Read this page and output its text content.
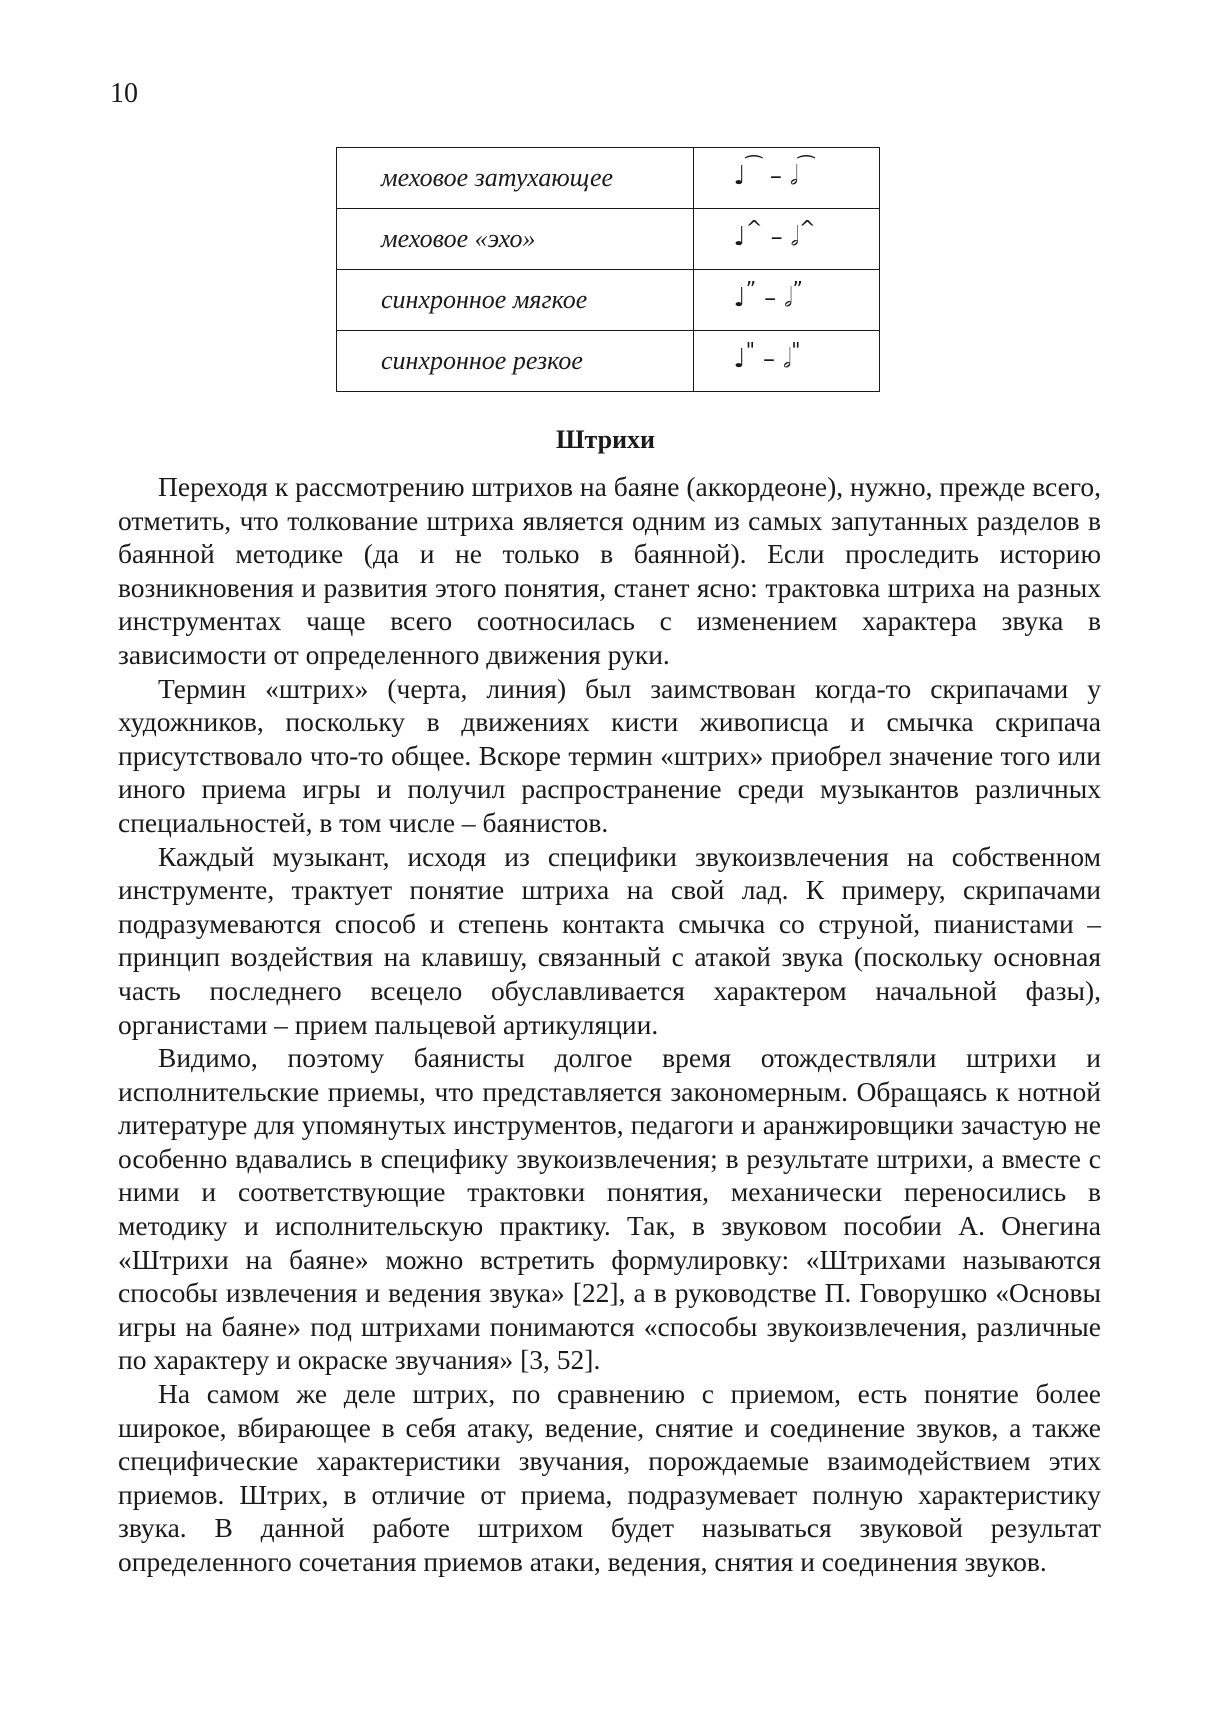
10
меховое затухающее	♩⁀ – 𝅗𝅥⁀
меховое «эхо»	♩^ – 𝅗𝅥^
синхронное мягкое	♩” – 𝅗𝅥”
синхронное резкое	♩" – 𝅗𝅥"
Штрихи

Переходя к рассмотрению штрихов на баяне (аккордеоне), нужно, прежде всего, отметить, что толкование штриха является одним из самых запутанных разделов в баянной методике (да и не только в баянной). Если проследить историю возникновения и развития этого понятия, станет ясно: трактовка штриха на разных инструментах чаще всего соотносилась с изменением характера звука в зависимости от определенного движения руки.

Термин «штрих» (черта, линия) был заимствован когда-то скрипачами у художников, поскольку в движениях кисти живописца и смычка скрипача присутствовало что-то общее. Вскоре термин «штрих» приобрел значение того или иного приема игры и получил распространение среди музыкантов различных специальностей, в том числе – баянистов.

Каждый музыкант, исходя из специфики звукоизвлечения на собственном инструменте, трактует понятие штриха на свой лад. К примеру, скрипачами подразумеваются способ и степень контакта смычка со струной, пианистами – принцип воздействия на клавишу, связанный с атакой звука (поскольку основная часть последнего всецело обуславливается характером начальной фазы), органистами – прием пальцевой артикуляции.

Видимо, поэтому баянисты долгое время отождествляли штрихи и исполнительские приемы, что представляется закономерным. Обращаясь к нотной литературе для упомянутых инструментов, педагоги и аранжировщики зачастую не особенно вдавались в специфику звукоизвлечения; в результате штрихи, а вместе с ними и соответствующие трактовки понятия, механически переносились в методику и исполнительскую практику. Так, в звуковом пособии А. Онегина «Штрихи на баяне» можно встретить формулировку: «Штрихами называются способы извлечения и ведения звука» [22], а в руководстве П. Говорушко «Основы игры на баяне» под штрихами понимаются «способы звукоизвлечения, различные по характеру и окраске звучания» [3, 52].

На самом же деле штрих, по сравнению с приемом, есть понятие более широкое, вбирающее в себя атаку, ведение, снятие и соединение звуков, а также специфические характеристики звучания, порождаемые взаимодействием этих приемов. Штрих, в отличие от приема, подразумевает полную характеристику звука. В данной работе штрихом будет называться звуковой результат определенного сочетания приемов атаки, ведения, снятия и соединения звуков.
